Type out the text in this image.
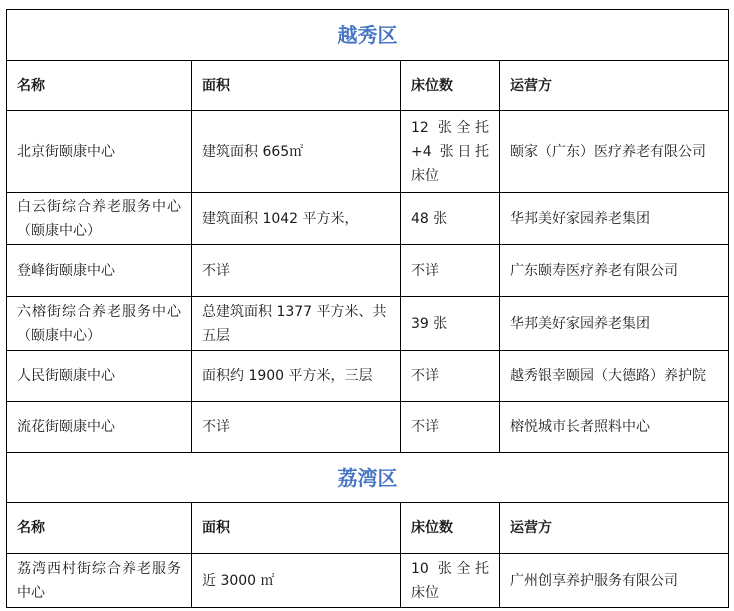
越秀区			
名称	面积	床位数	运营方
北京街颐康中心	建筑面积 665㎡	12 张全托 +4 张日托床位	颐家（广东）医疗养老有限公司
白云街综合养老服务中心（颐康中心）	建筑面积 1042 平方米，	48 张	华邦美好家园养老集团
登峰街颐康中心	不详	不详	广东颐寿医疗养老有限公司
六榕街综合养老服务中心（颐康中心）	总建筑面积 1377 平方米、共五层	39 张	华邦美好家园养老集团
人民街颐康中心	面积约 1900 平方米，三层	不详	越秀银幸颐园（大德路）养护院
流花街颐康中心	不详	不详	榕悦城市长者照料中心
荔湾区			
名称	面积	床位数	运营方
荔湾西村街综合养老服务中心	近 3000 ㎡	10 张全托床位	广州创享养护服务有限公司
